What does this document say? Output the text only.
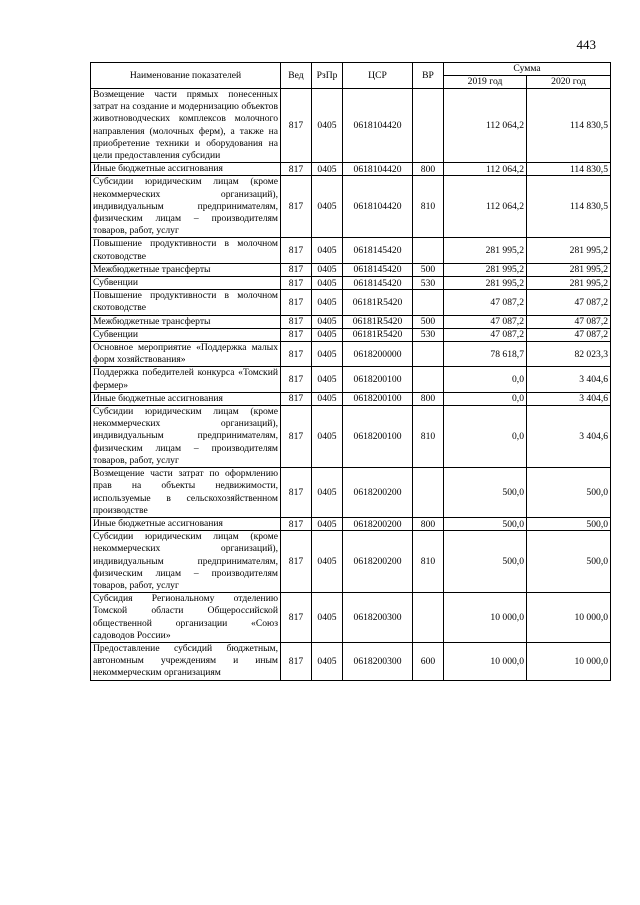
443
Наименование показателей	Вед	РзПр	ЦСР	ВР	Сумма	
					2019 год	2020 год
Возмещение части прямых понесенных затрат на создание и модернизацию объектов животноводческих комплексов молочного направления (молочных ферм), а также на приобретение техники и оборудования на цели предоставления субсидии	817	0405	0618104420		112 064,2	114 830,5
Иные бюджетные ассигнования	817	0405	0618104420	800	112 064,2	114 830,5
Субсидии юридическим лицам (кроме некоммерческих организаций), индивидуальным предпринимателям, физическим лицам – производителям товаров, работ, услуг	817	0405	0618104420	810	112 064,2	114 830,5
Повышение продуктивности в молочном скотоводстве	817	0405	0618145420		281 995,2	281 995,2
Межбюджетные трансферты	817	0405	0618145420	500	281 995,2	281 995,2
Субвенции	817	0405	0618145420	530	281 995,2	281 995,2
Повышение продуктивности в молочном скотоводстве	817	0405	06181R5420		47 087,2	47 087,2
Межбюджетные трансферты	817	0405	06181R5420	500	47 087,2	47 087,2
Субвенции	817	0405	06181R5420	530	47 087,2	47 087,2
Основное мероприятие «Поддержка малых форм хозяйствования»	817	0405	0618200000		78 618,7	82 023,3
Поддержка победителей конкурса «Томский фермер»	817	0405	0618200100		0,0	3 404,6
Иные бюджетные ассигнования	817	0405	0618200100	800	0,0	3 404,6
Субсидии юридическим лицам (кроме некоммерческих организаций), индивидуальным предпринимателям, физическим лицам – производителям товаров, работ, услуг	817	0405	0618200100	810	0,0	3 404,6
Возмещение части затрат по оформлению прав на объекты недвижимости, используемые в сельскохозяйственном производстве	817	0405	0618200200		500,0	500,0
Иные бюджетные ассигнования	817	0405	0618200200	800	500,0	500,0
Субсидии юридическим лицам (кроме некоммерческих организаций), индивидуальным предпринимателям, физическим лицам – производителям товаров, работ, услуг	817	0405	0618200200	810	500,0	500,0
Субсидия Региональному отделению Томской области Общероссийской общественной организации «Союз садоводов России»	817	0405	0618200300		10 000,0	10 000,0
Предоставление субсидий бюджетным, автономным учреждениям и иным некоммерческим организациям	817	0405	0618200300	600	10 000,0	10 000,0
